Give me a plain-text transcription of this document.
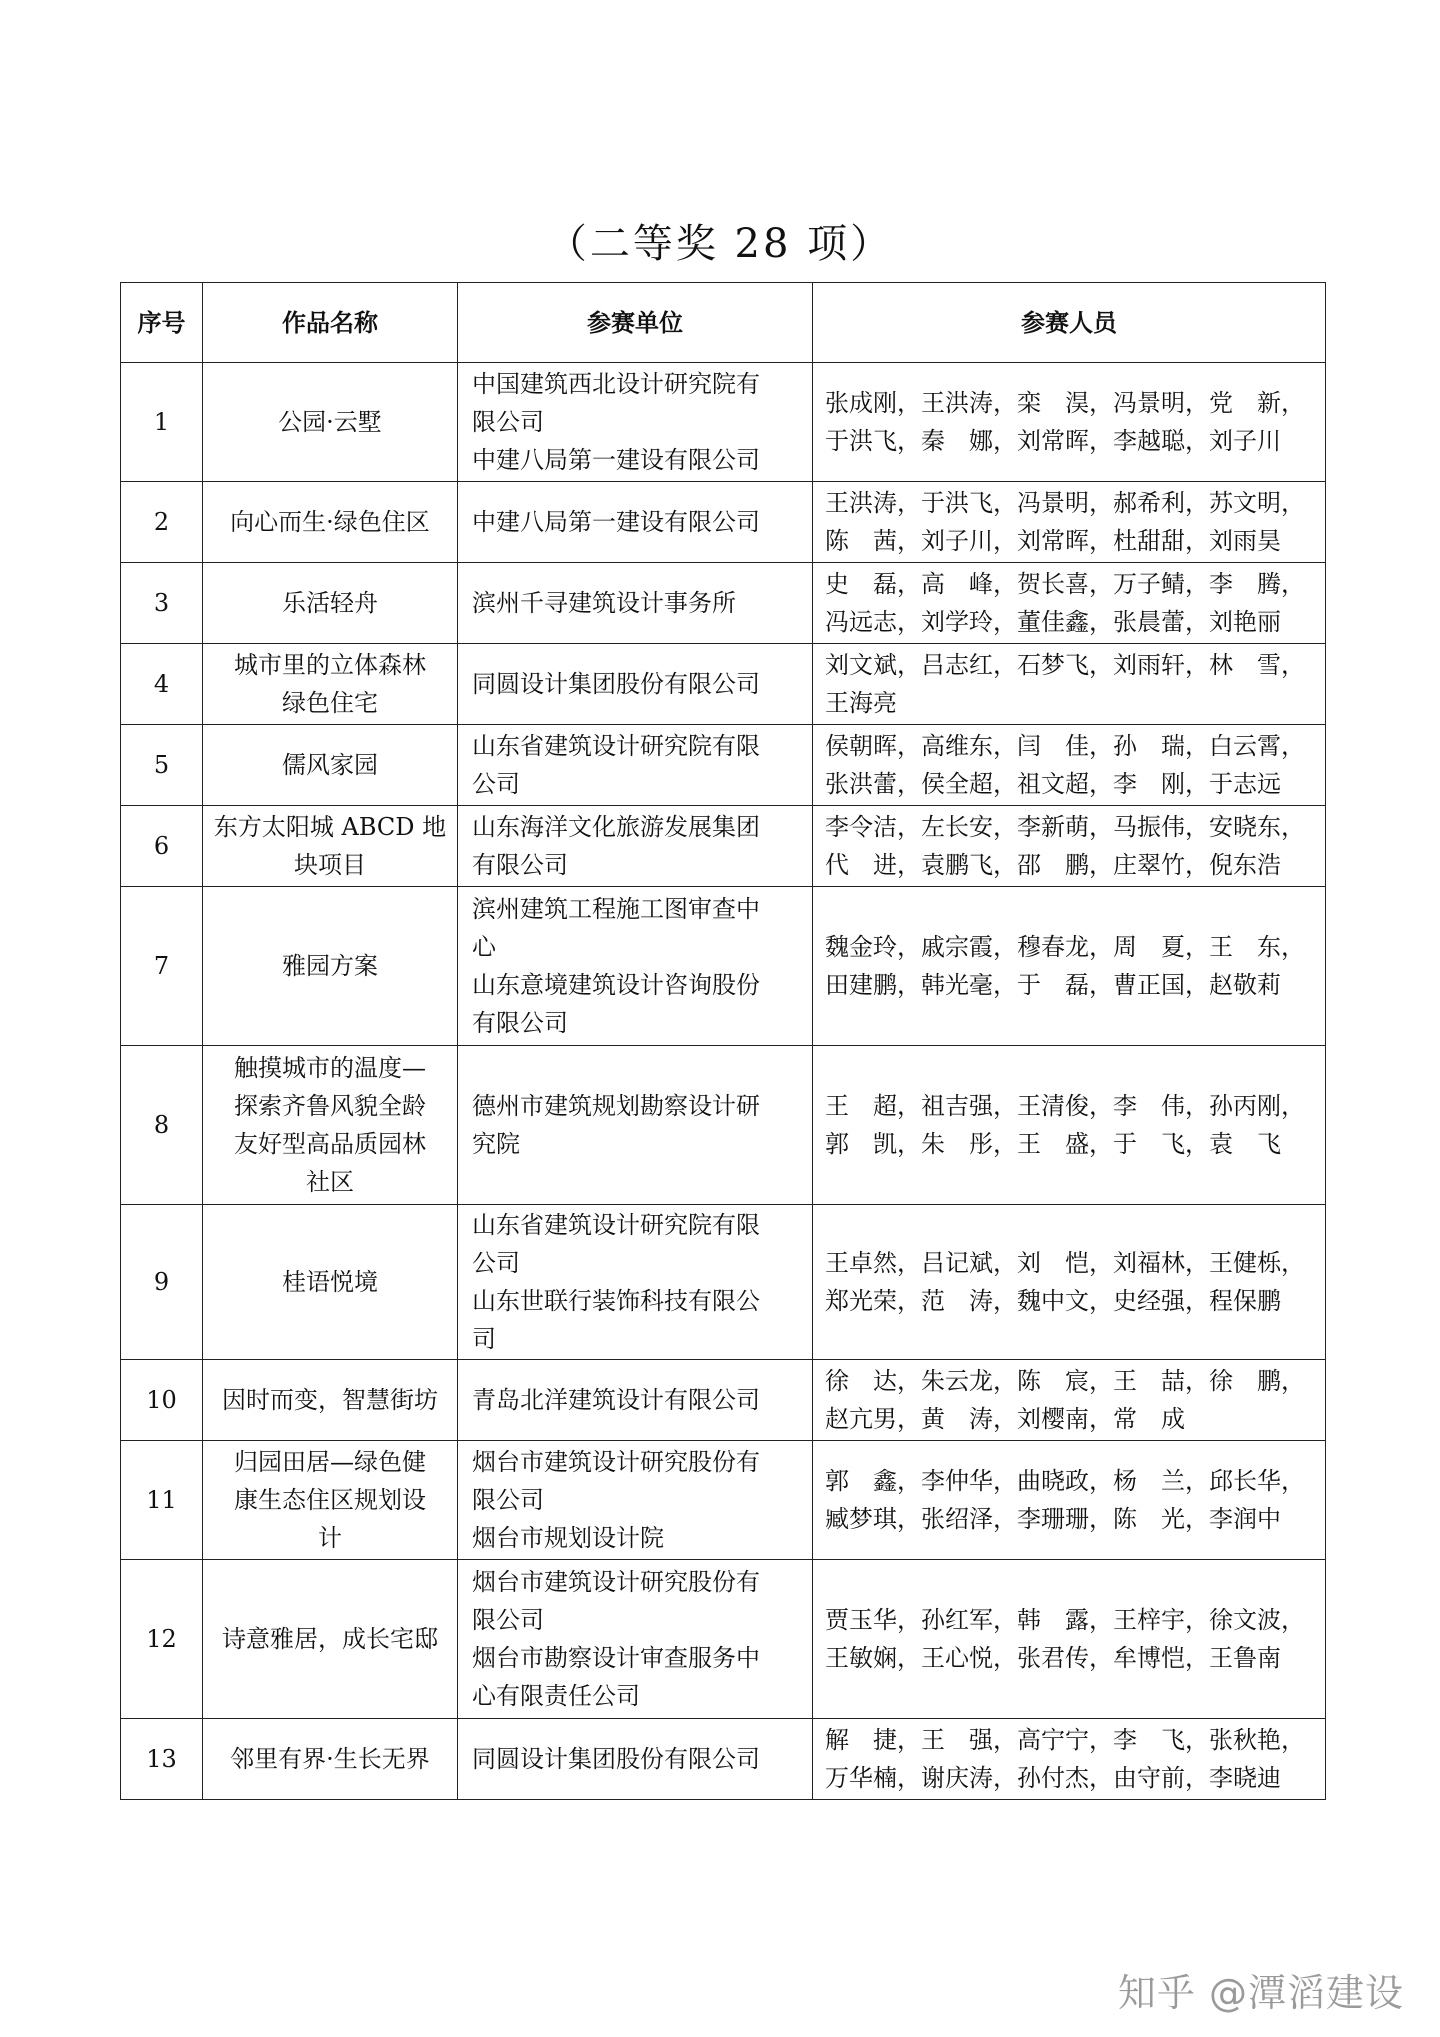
（二等奖 28 项）
序号	作品名称	参赛单位	参赛人员
1	公园·云墅	中国建筑西北设计研究院有
限公司
中建八局第一建设有限公司	张成刚，王洪涛，栾　淏，冯景明，党　新，
于洪飞，秦　娜，刘常晖，李越聪，刘子川

2	向心而生·绿色住区	中建八局第一建设有限公司	王洪涛，于洪飞，冯景明，郝希利，苏文明，
陈　茜，刘子川，刘常晖，杜甜甜，刘雨昊

3	乐活轻舟	滨州千寻建筑设计事务所	史　磊，高　峰，贺长喜，万子鲭，李　腾，
冯远志，刘学玲，董佳鑫，张晨蕾，刘艳丽

4	城市里的立体森林
绿色住宅	同圆设计集团股份有限公司	刘文斌，吕志红，石梦飞，刘雨轩，林　雪，
王海亮

5	儒风家园	山东省建筑设计研究院有限
公司	侯朝晖，高维东，闫　佳，孙　瑞，白云霄，
张洪蕾，侯全超，祖文超，李　刚，于志远

6	东方太阳城 ABCD 地
块项目	山东海洋文化旅游发展集团
有限公司	李令洁，左长安，李新萌，马振伟，安晓东，
代　进，袁鹏飞，邵　鹏，庄翠竹，倪东浩

7	雅园方案	滨州建筑工程施工图审查中
心
山东意境建筑设计咨询股份
有限公司	魏金玲，戚宗霞，穆春龙，周　夏，王　东，
田建鹏，韩光毫，于　磊，曹正国，赵敬莉

8	触摸城市的温度—
探索齐鲁风貌全龄
友好型高品质园林
社区	德州市建筑规划勘察设计研
究院	王　超，祖吉强，王清俊，李　伟，孙丙刚，
郭　凯，朱　彤，王　盛，于　飞，袁　飞

9	桂语悦境	山东省建筑设计研究院有限
公司
山东世联行装饰科技有限公
司	王卓然，吕记斌，刘　恺，刘福林，王健栎，
郑光荣，范　涛，魏中文，史经强，程保鹏

10	因时而变，智慧街坊	青岛北洋建筑设计有限公司	徐　达，朱云龙，陈　宸，王　喆，徐　鹏，
赵亢男，黄　涛，刘樱南，常　成

11	归园田居—绿色健
康生态住区规划设
计	烟台市建筑设计研究股份有
限公司
烟台市规划设计院	郭　鑫，李仲华，曲晓政，杨　兰，邱长华，
臧梦琪，张绍泽，李珊珊，陈　光，李润中

12	诗意雅居，成长宅邸	烟台市建筑设计研究股份有
限公司
烟台市勘察设计审查服务中
心有限责任公司	贾玉华，孙红军，韩　露，王梓宇，徐文波，
王敏娴，王心悦，张君传，牟博恺，王鲁南

13	邻里有界·生长无界	同圆设计集团股份有限公司	解　捷，王　强，高宁宁，李　飞，张秋艳，
万华楠，谢庆涛，孙付杰，由守前，李晓迪
知乎 @潭滔建设
